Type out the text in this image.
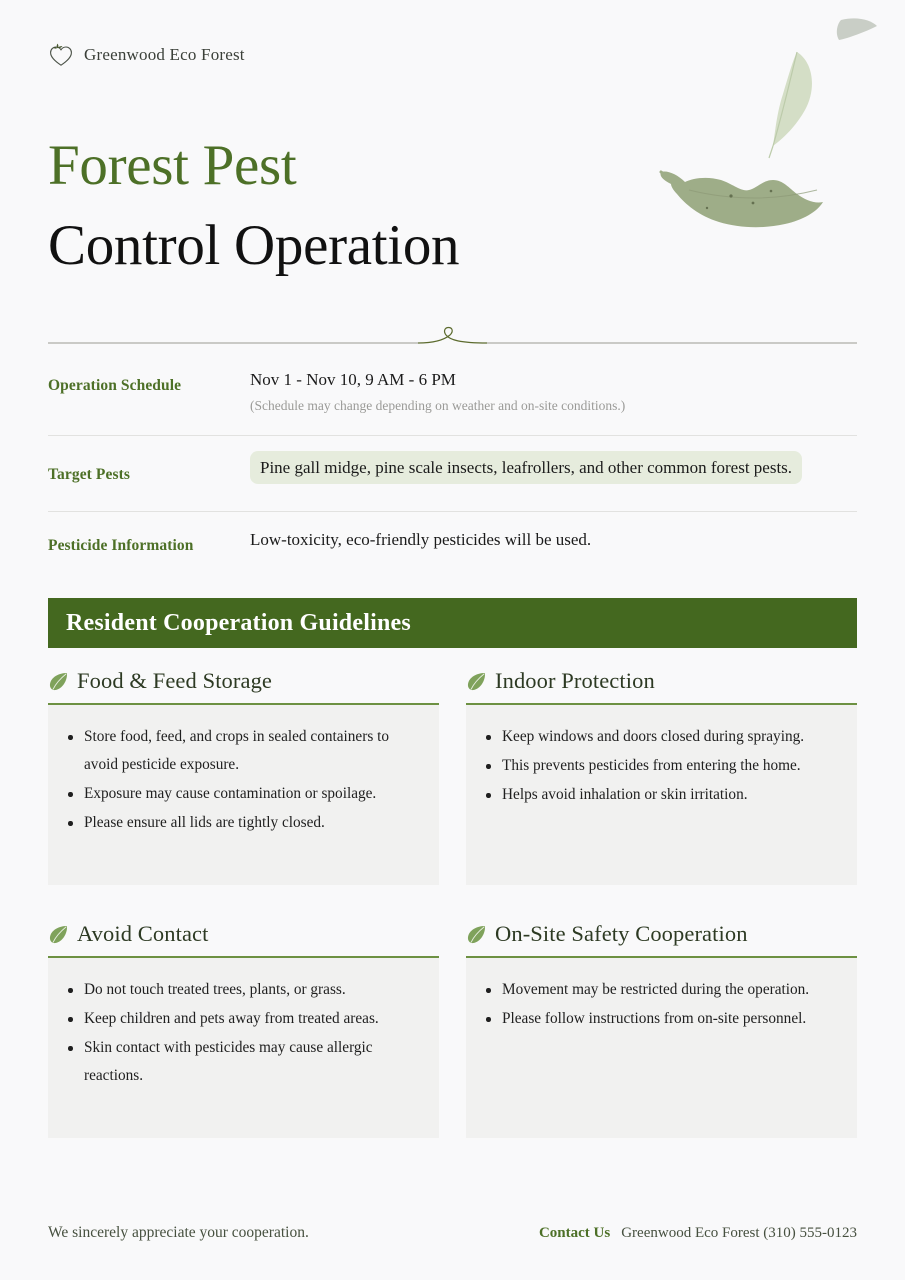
Greenwood Eco Forest
Forest Pest
Control Operation
Operation Schedule	Nov 1 - Nov 10, 9 AM - 6 PM
(Schedule may change depending on weather and on-site conditions.)
Target Pests	Pine gall midge, pine scale insects, leafrollers, and other common forest pests.
Pesticide Information	Low-toxicity, eco-friendly pesticides will be used.
Resident Cooperation Guidelines
Food & Feed Storage
Store food, feed, and crops in sealed containers to avoid pesticide exposure.
Exposure may cause contamination or spoilage.
Please ensure all lids are tightly closed.
Indoor Protection
Keep windows and doors closed during spraying.
This prevents pesticides from entering the home.
Helps avoid inhalation or skin irritation.
Avoid Contact
Do not touch treated trees, plants, or grass.
Keep children and pets away from treated areas.
Skin contact with pesticides may cause allergic reactions.
On-Site Safety Cooperation
Movement may be restricted during the operation.
Please follow instructions from on-site personnel.
We sincerely appreciate your cooperation.	Contact Us Greenwood Eco Forest (310) 555-0123
